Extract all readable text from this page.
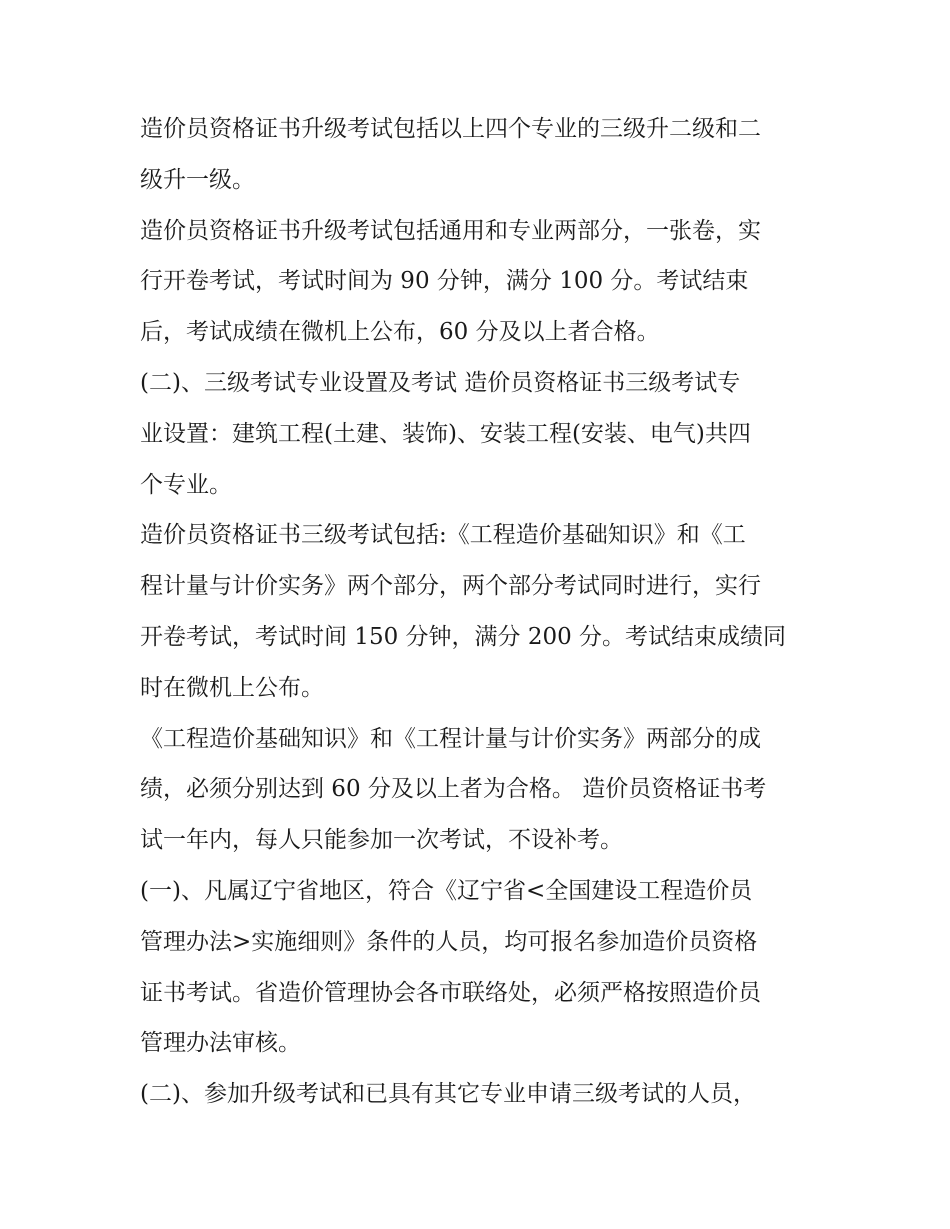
造价员资格证书升级考试包括以上四个专业的三级升二级和二
级升一级。
造价员资格证书升级考试包括通用和专业两部分，一张卷，实
行开卷考试，考试时间为 90 分钟，满分 100 分。考试结束
后，考试成绩在微机上公布，60 分及以上者合格。
(二)、三级考试专业设置及考试 造价员资格证书三级考试专
业设置：建筑工程(土建、装饰)、安装工程(安装、电气)共四
个专业。
造价员资格证书三级考试包括:《工程造价基础知识》和《工
程计量与计价实务》两个部分，两个部分考试同时进行，实行
开卷考试，考试时间 150 分钟，满分 200 分。考试结束成绩同
时在微机上公布。
《工程造价基础知识》和《工程计量与计价实务》两部分的成
绩，必须分别达到 60 分及以上者为合格。 造价员资格证书考
试一年内，每人只能参加一次考试，不设补考。
(一)、凡属辽宁省地区，符合《辽宁省<全国建设工程造价员
管理办法>实施细则》条件的人员，均可报名参加造价员资格
证书考试。省造价管理协会各市联络处，必须严格按照造价员
管理办法审核。
(二)、参加升级考试和已具有其它专业申请三级考试的人员，
